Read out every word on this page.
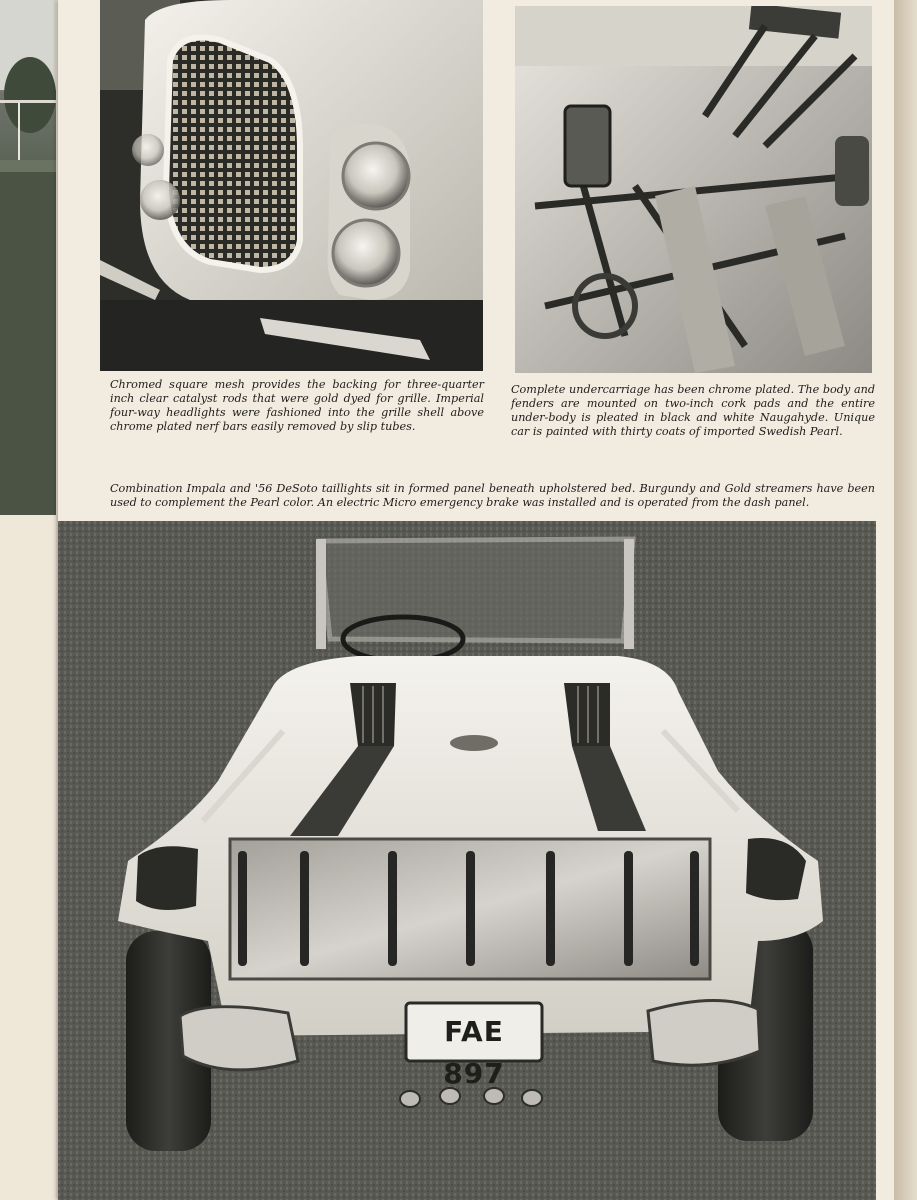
Chromed square mesh provides the backing for three-quarter inch clear catalyst rods that were gold dyed for grille. Imperial four-way headlights were fashioned into the grille shell above chrome plated nerf bars easily removed by slip tubes.

Complete undercarriage has been chrome plated. The body and fenders are mounted on two-inch cork pads and the entire under-body is pleated in black and white Naugahyde. Unique car is painted with thirty coats of imported Swedish Pearl.

Combination Impala and '56 DeSoto taillights sit in formed panel beneath upholstered bed. Burgundy and Gold streamers have been used to complement the Pearl color. An electric Micro emergency brake was installed and is operated from the dash panel.

FAE 897
